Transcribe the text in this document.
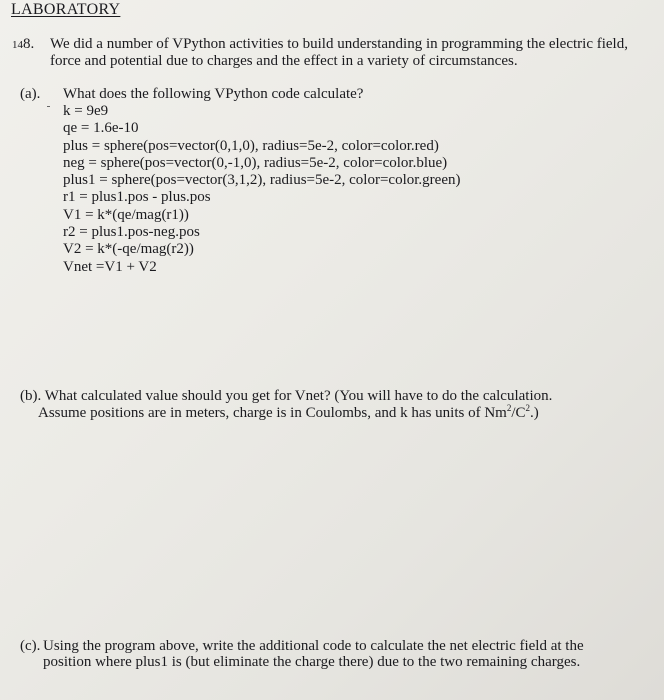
LABORATORY
148. We did a number of VPython activities to build understanding in programming the electric field, force and potential due to charges and the effect in a variety of circumstances.
(a). What does the following VPython code calculate?
k = 9e9
qe = 1.6e-10
plus = sphere(pos=vector(0,1,0), radius=5e-2, color=color.red)
neg = sphere(pos=vector(0,-1,0), radius=5e-2, color=color.blue)
plus1 = sphere(pos=vector(3,1,2), radius=5e-2, color=color.green)
r1 = plus1.pos - plus.pos
V1 = k*(qe/mag(r1))
r2 = plus1.pos-neg.pos
V2 = k*(-qe/mag(r2))
Vnet =V1 + V2
(b). What calculated value should you get for Vnet? (You will have to do the calculation.
Assume positions are in meters, charge is in Coulombs, and k has units of $Nm^2/C^2$.)
(c). Using the program above, write the additional code to calculate the net electric field at the position where plus1 is (but eliminate the charge there) due to the two remaining charges.
